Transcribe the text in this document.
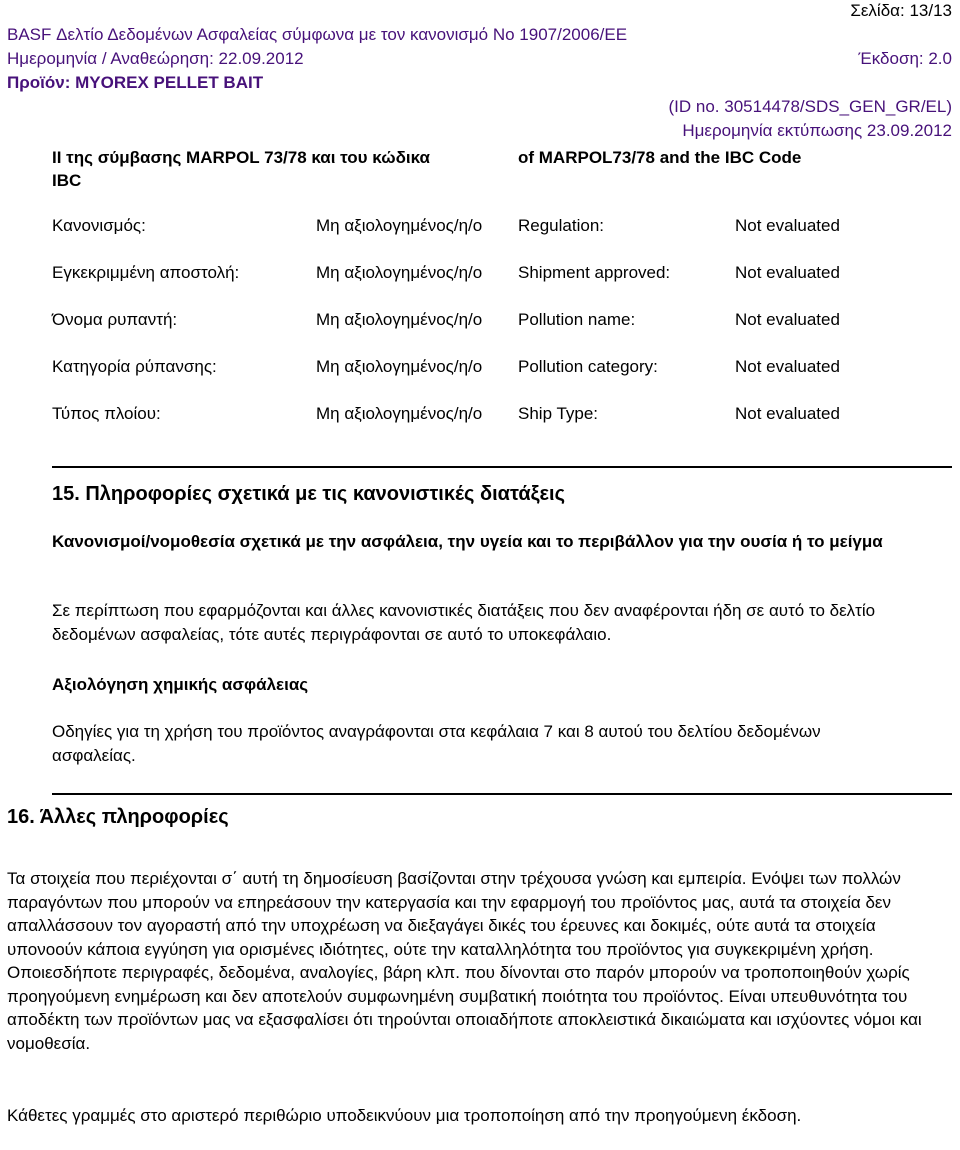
Σελίδα: 13/13
BASF Δελτίο Δεδομένων Ασφαλείας σύμφωνα με τον κανονισμό Νο 1907/2006/ΕΕ
Ημερομηνία / Αναθεώρηση: 22.09.2012	Έκδοση: 2.0
Προϊόν: MYOREX PELLET BAIT
(ID no. 30514478/SDS_GEN_GR/EL)
Ημερομηνία εκτύπωσης 23.09.2012
II της σύμβασης MARPOL 73/78 και του κώδικα IBC
of MARPOL73/78 and the IBC Code
Κανονισμός:	Μη αξιολογημένος/η/ο	Regulation:	Not evaluated
Εγκεκριμμένη αποστολή:	Μη αξιολογημένος/η/ο	Shipment approved:	Not evaluated
Όνομα ρυπαντή:	Μη αξιολογημένος/η/ο	Pollution name:	Not evaluated
Κατηγορία ρύπανσης:	Μη αξιολογημένος/η/ο	Pollution category:	Not evaluated
Τύπος πλοίου:	Μη αξιολογημένος/η/ο	Ship Type:	Not evaluated
15. Πληροφορίες σχετικά με τις κανονιστικές διατάξεις
Κανονισμοί/νομοθεσία σχετικά με την ασφάλεια, την υγεία και το περιβάλλον για την ουσία ή το μείγμα
Σε περίπτωση που εφαρμόζονται και άλλες κανονιστικές διατάξεις που δεν αναφέρονται ήδη σε αυτό το δελτίο δεδομένων ασφαλείας, τότε αυτές περιγράφονται σε αυτό το υποκεφάλαιο.
Αξιολόγηση χημικής ασφάλειας
Οδηγίες για τη χρήση του προϊόντος αναγράφονται στα κεφάλαια 7 και 8 αυτού του δελτίου δεδομένων ασφαλείας.
16. Άλλες πληροφορίες
Τα στοιχεία που περιέχονται σ΄ αυτή τη δημοσίευση βασίζονται στην τρέχουσα γνώση και εμπειρία. Ενόψει των πολλών παραγόντων που μπορούν να επηρεάσουν την κατεργασία και την εφαρμογή του προϊόντος μας, αυτά τα στοιχεία δεν απαλλάσσουν τον αγοραστή από την υποχρέωση να διεξαγάγει δικές του έρευνες και δοκιμές, ούτε αυτά τα στοιχεία υπονοούν κάποια εγγύηση για ορισμένες ιδιότητες, ούτε την καταλληλότητα του προϊόντος για συγκεκριμένη χρήση. Οποιεσδήποτε περιγραφές, δεδομένα, αναλογίες, βάρη κλπ. που δίνονται στο παρόν μπορούν να τροποποιηθούν χωρίς προηγούμενη ενημέρωση και δεν αποτελούν συμφωνημένη συμβατική ποιότητα του προϊόντος. Είναι υπευθυνότητα του αποδέκτη των προϊόντων μας να εξασφαλίσει ότι τηρούνται οποιαδήποτε αποκλειστικά δικαιώματα και ισχύοντες νόμοι και νομοθεσία.
Κάθετες γραμμές στο αριστερό περιθώριο υποδεικνύουν μια τροποποίηση από την προηγούμενη έκδοση.
